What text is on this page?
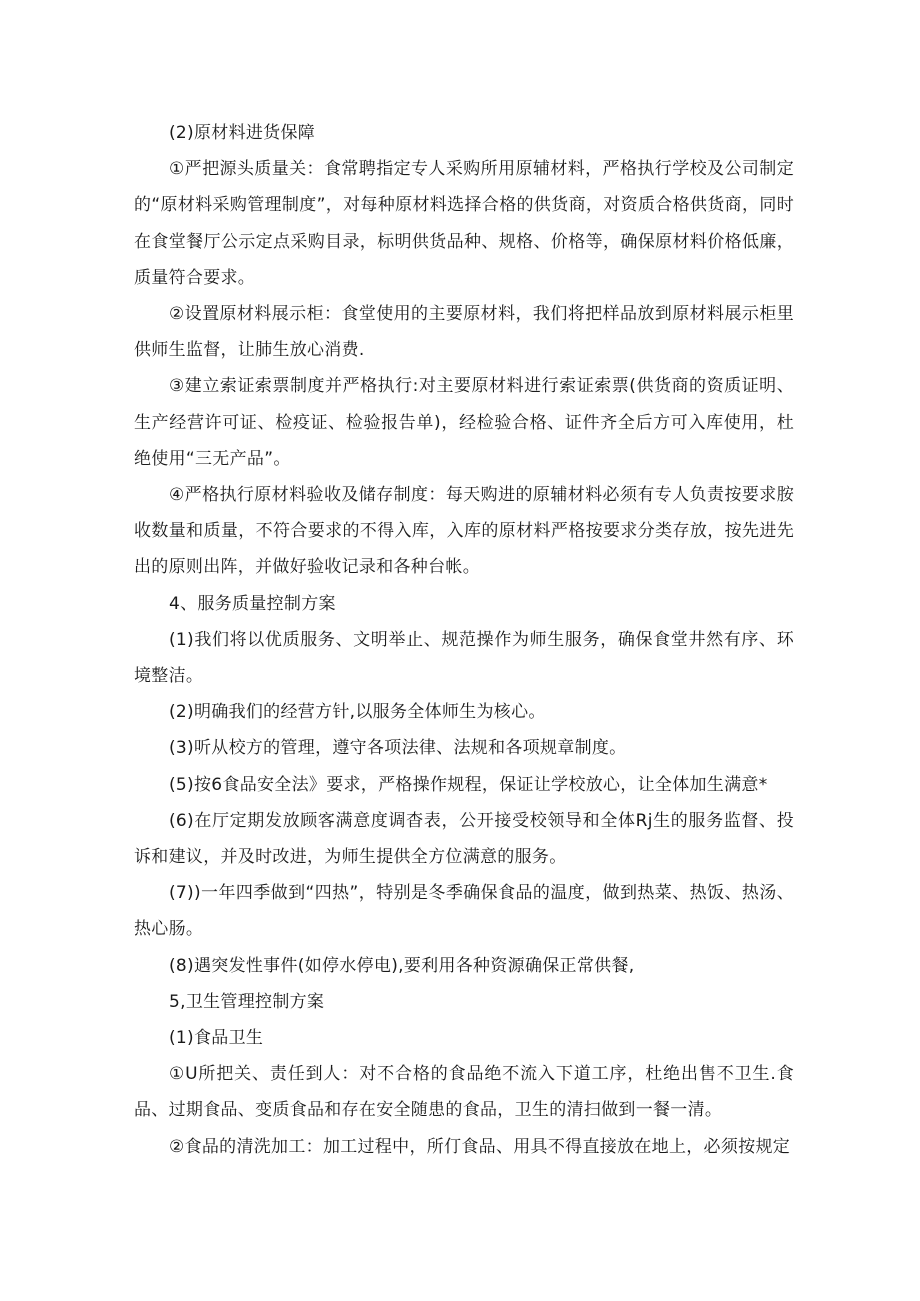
(2)原材料进货保障

①严把源头质量关：食常聘指定专人采购所用原辅材料，严格执行学校及公司制定的“原材料采购管理制度”，对每种原材料选择合格的供货商，对资质合格供货商，同时在食堂餐厅公示定点采购目录，标明供货品种、规格、价格等，确保原材料价格低廉，质量符合要求。

②设置原材料展示柜：食堂使用的主要原材料，我们将把样品放到原材料展示柜里供师生监督，让肺生放心消费.

③建立索证索票制度并严格执行:对主要原材料进行索证索票(供货商的资质证明、生产经营许可证、检疫证、检验报告单)，经检验合格、证件齐全后方可入库使用，杜绝使用“三无产品”。

④严格执行原材料验收及储存制度：每天购进的原辅材料必须有专人负责按要求胺收数量和质量，不符合要求的不得入库，入库的原材料严格按要求分类存放，按先进先出的原则出阵，并做好验收记录和各种台帐。

4、服务质量控制方案

(1)我们将以优质服务、文明举止、规范操作为师生服务，确保食堂井然有序、环境整洁。

(2)明确我们的经营方针,以服务全体师生为核心。

(3)听从校方的管理，遵守各项法律、法规和各项规章制度。

(5)按6食品安全法》要求，严格操作规程，保证让学校放心，让全体加生满意*

(6)在厅定期发放顾客满意度调杳表，公开接受校领导和全体Rj生的服务监督、投诉和建议，并及时改进，为师生提供全方位满意的服务。

(7))一年四季做到“四热”，特别是冬季确保食品的温度，做到热菜、热饭、热汤、热心肠。

(8)遇突发性事件(如停水停电),要利用各种资源确保正常供餐,

5,卫生管理控制方案

(1)食品卫生

①U所把关、责任到人：对不合格的食品绝不流入下道工序，杜绝出售不卫生.食品、过期食品、变质食品和存在安全随患的食品，卫生的清扫做到一餐一清。

②食品的清洗加工：加工过程中，所仃食品、用具不得直接放在地上，必须按规定
